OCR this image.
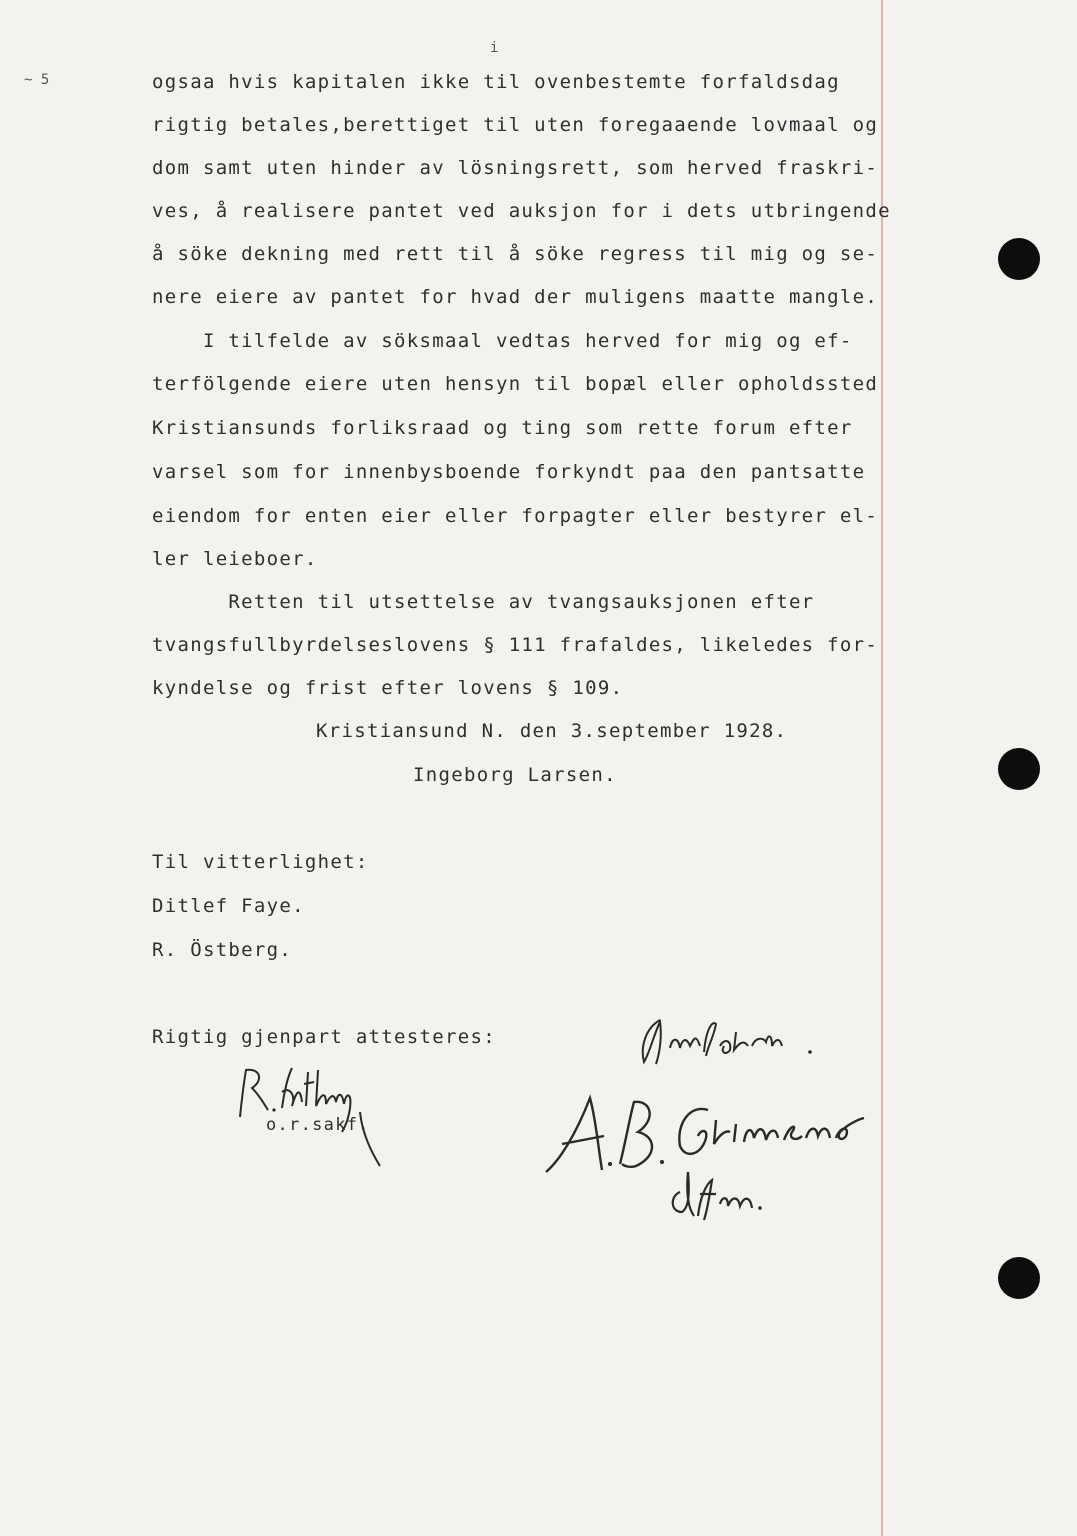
i
~ 5	ogsaa hvis kapitalen ikke til ovenbestemte forfaldsdag
rigtig betales,berettiget til uten foregaaende lovmaal og
dom samt uten hinder av lösningsrett, som herved fraskri-
ves, å realisere pantet ved auksjon for i dets utbringende
å söke dekning med rett til å söke regress til mig og se-
nere eiere av pantet for hvad der muligens maatte mangle.
I tilfelde av söksmaal vedtas herved for mig og ef-
terfölgende eiere uten hensyn til bopæl eller opholdssted
Kristiansunds forliksraad og ting som rette forum efter
varsel som for innenbysboende forkyndt paa den pantsatte
eiendom for enten eier eller forpagter eller bestyrer el-
ler leieboer.
Retten til utsettelse av tvangsauksjonen efter
tvangsfullbyrdelseslovens § 111 frafaldes, likeledes for-
kyndelse og frist efter lovens § 109.
Kristiansund N. den 3.september 1928.
Ingeborg Larsen.
Til vitterlighet:
Ditlef Faye.
R. Östberg.
Rigtig gjenpart attesteres:
o.r.sakf.
